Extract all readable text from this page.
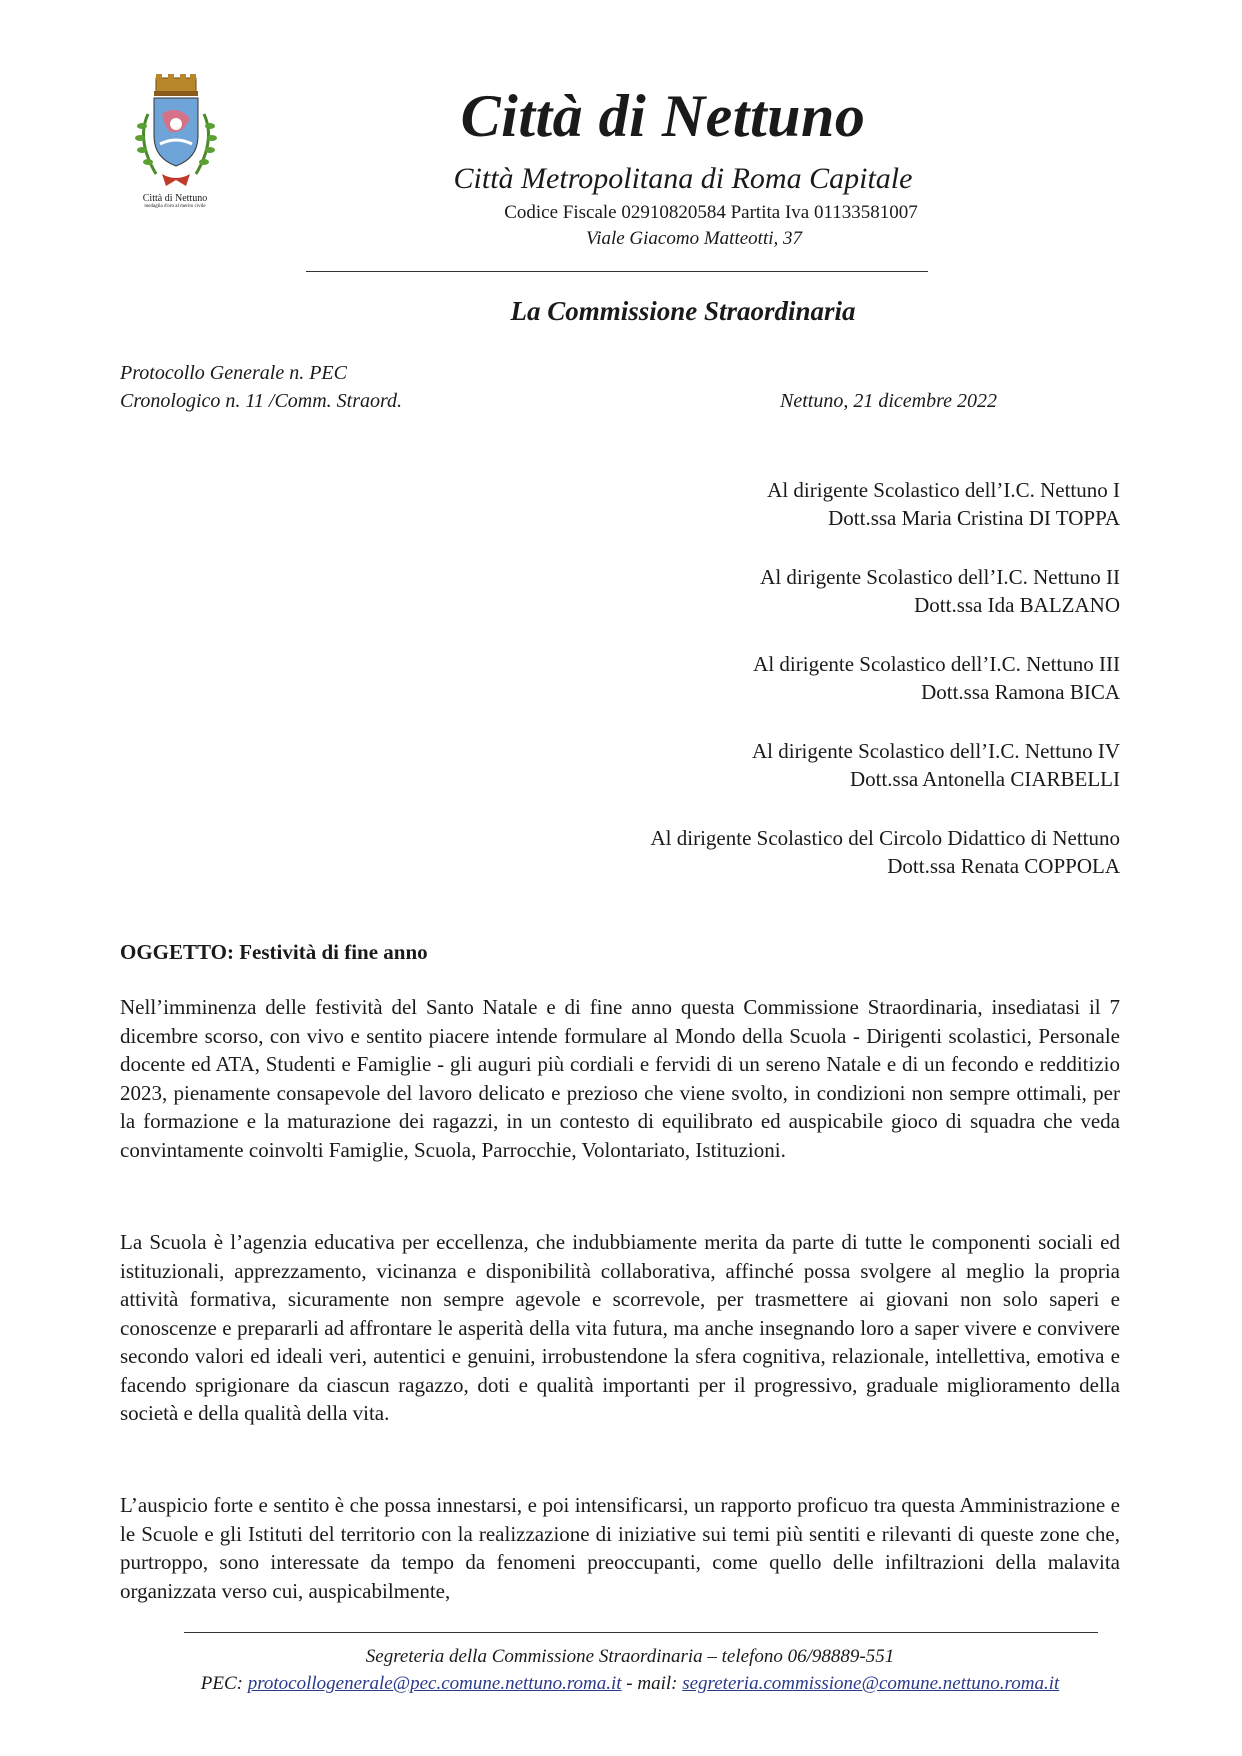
Città di Nettuno
medaglia d'oro al merito civile
Città di Nettuno
Città Metropolitana di Roma Capitale
Codice Fiscale 02910820584 Partita Iva 01133581007
Viale Giacomo Matteotti, 37
La Commissione Straordinaria
Protocollo Generale n. PEC
Cronologico n. 11 /Comm. Straord.	Nettuno, 21 dicembre 2022
Al dirigente Scolastico dell’I.C. Nettuno I
Dott.ssa Maria Cristina DI TOPPA
Al dirigente Scolastico dell’I.C. Nettuno II
Dott.ssa Ida BALZANO
Al dirigente Scolastico dell’I.C. Nettuno III
Dott.ssa Ramona BICA
Al dirigente Scolastico dell’I.C. Nettuno IV
Dott.ssa Antonella CIARBELLI
Al dirigente Scolastico del Circolo Didattico di Nettuno
Dott.ssa Renata COPPOLA
OGGETTO: Festività di fine anno
Nell’imminenza delle festività del Santo Natale e di fine anno questa Commissione Straordinaria, insediatasi il 7 dicembre scorso, con vivo e sentito piacere intende formulare al Mondo della Scuola - Dirigenti scolastici, Personale docente ed ATA, Studenti e Famiglie - gli auguri più cordiali e fervidi di un sereno Natale e di un fecondo e redditizio 2023, pienamente consapevole del lavoro delicato e prezioso che viene svolto, in condizioni non sempre ottimali, per la formazione e la maturazione dei ragazzi, in un contesto di equilibrato ed auspicabile gioco di squadra che veda convintamente coinvolti Famiglie, Scuola, Parrocchie, Volontariato, Istituzioni.
La Scuola è l’agenzia educativa per eccellenza, che indubbiamente merita da parte di tutte le componenti sociali ed istituzionali, apprezzamento, vicinanza e disponibilità collaborativa, affinché possa svolgere al meglio la propria attività formativa, sicuramente non sempre agevole e scorrevole, per trasmettere ai giovani non solo saperi e conoscenze e prepararli ad affrontare le asperità della vita futura, ma anche insegnando loro a saper vivere e convivere secondo valori ed ideali veri, autentici e genuini, irrobustendone la sfera cognitiva, relazionale, intellettiva, emotiva e facendo sprigionare da ciascun ragazzo, doti e qualità importanti per il progressivo, graduale miglioramento della società e della qualità della vita.
L’auspicio forte e sentito è che possa innestarsi, e poi intensificarsi, un rapporto proficuo tra questa Amministrazione e le Scuole e gli Istituti del territorio con la realizzazione di iniziative sui temi più sentiti e rilevanti di queste zone che, purtroppo, sono interessate da tempo da fenomeni preoccupanti, come quello delle infiltrazioni della malavita organizzata verso cui, auspicabilmente,
Segreteria della Commissione Straordinaria – telefono 06/98889-551
PEC: protocollogenerale@pec.comune.nettuno.roma.it - mail: segreteria.commissione@comune.nettuno.roma.it
